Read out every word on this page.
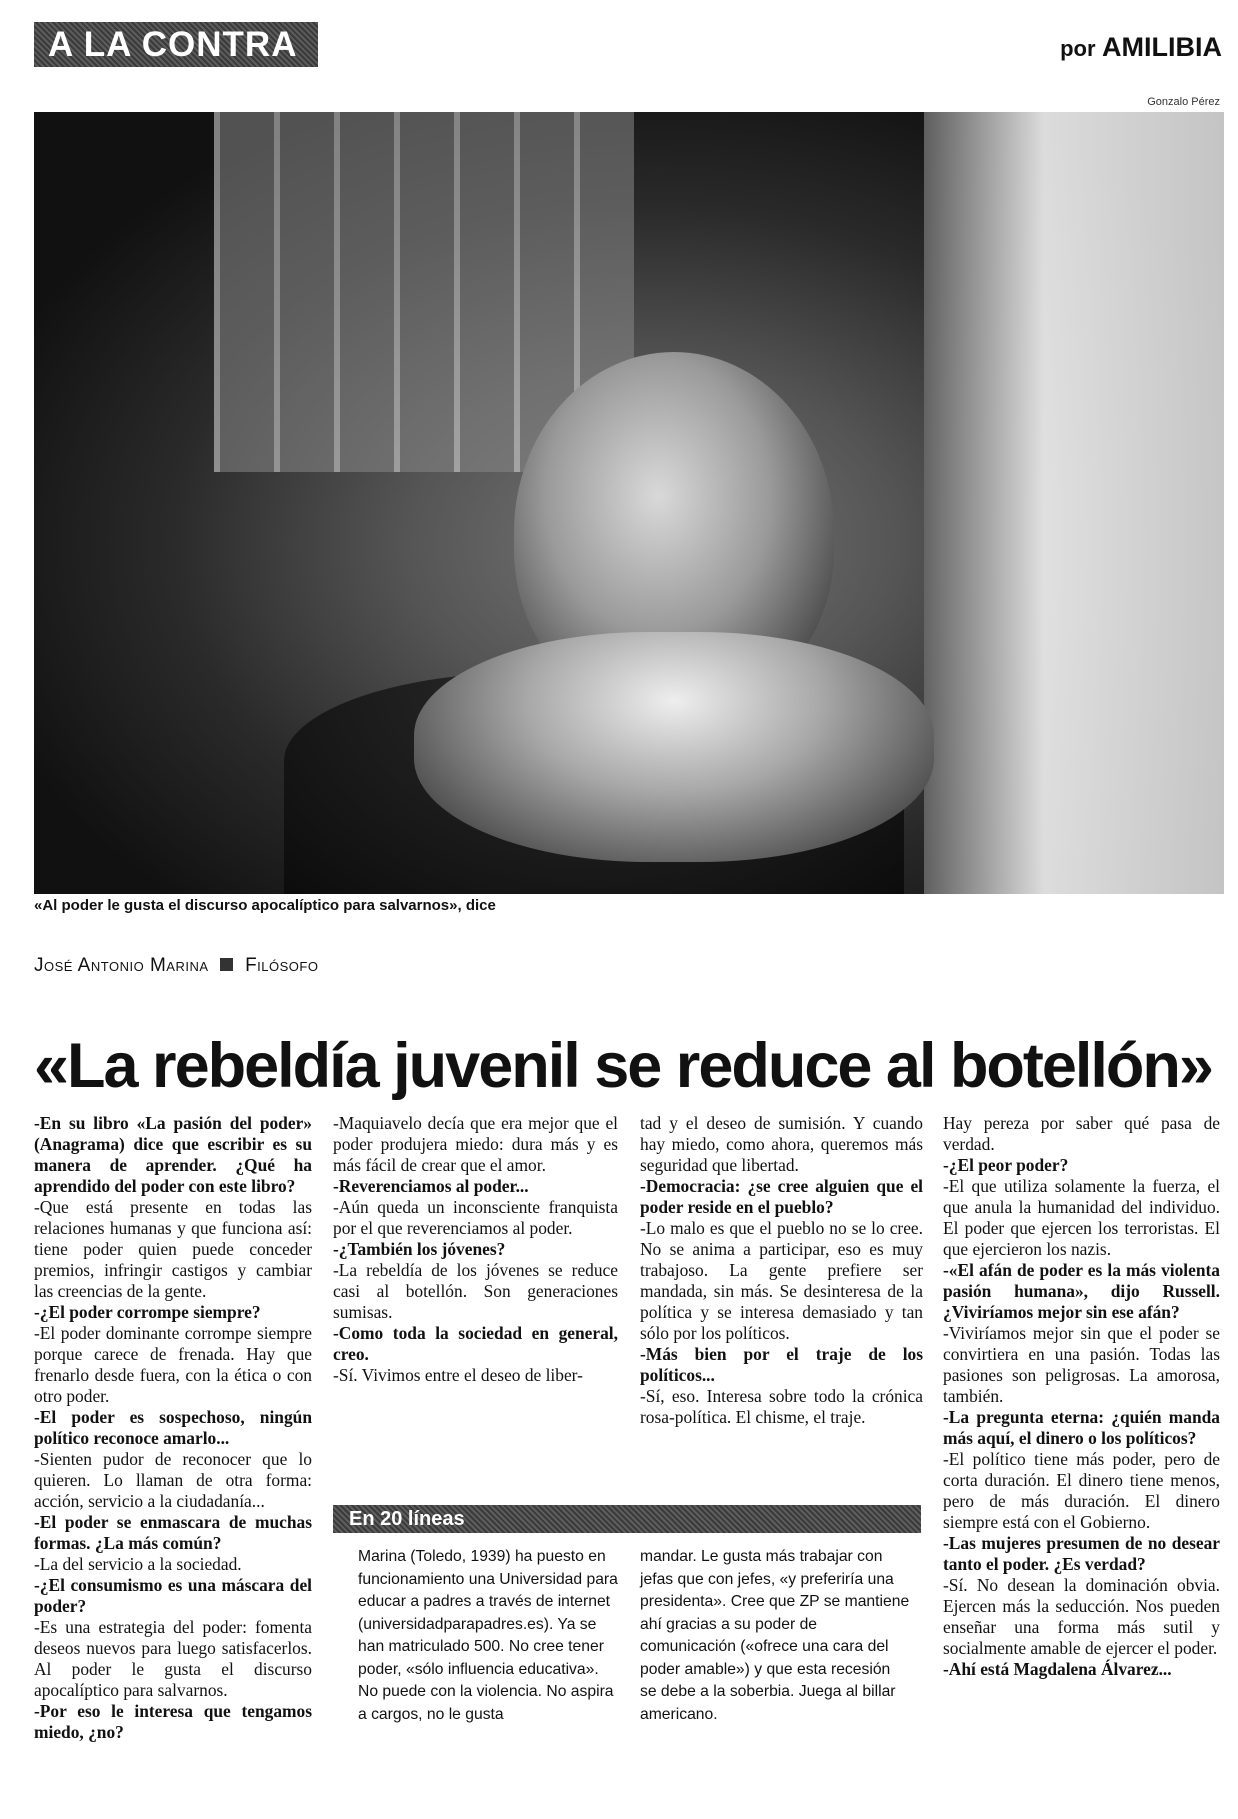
A LA CONTRA	por AMILIBIA
Gonzalo Pérez
«Al poder le gusta el discurso apocalíptico para salvarnos», dice
José Antonio Marina Filósofo
«La rebeldía juvenil se reduce al botellón»

-En su libro «La pasión del poder» (Anagrama) dice que escribir es su manera de aprender. ¿Qué ha aprendido del poder con este libro?

-Que está presente en todas las relaciones humanas y que funciona así: tiene poder quien puede conceder premios, infringir castigos y cambiar las creencias de la gente.

-¿El poder corrompe siempre?

-El poder dominante corrompe siempre porque carece de frenada. Hay que frenarlo desde fuera, con la ética o con otro poder.

-El poder es sospechoso, ningún político reconoce amarlo...

-Sienten pudor de reconocer que lo quieren. Lo llaman de otra forma: acción, servicio a la ciudadanía...

-El poder se enmascara de muchas formas. ¿La más común?

-La del servicio a la sociedad.

-¿El consumismo es una máscara del poder?

-Es una estrategia del poder: fomenta deseos nuevos para luego satisfacerlos. Al poder le gusta el discurso apocalíptico para salvarnos.

-Por eso le interesa que tengamos miedo, ¿no?

-Maquiavelo decía que era mejor que el poder produjera miedo: dura más y es más fácil de crear que el amor.

-Reverenciamos al poder...

-Aún queda un inconsciente franquista por el que reverenciamos al poder.

-¿También los jóvenes?

-La rebeldía de los jóvenes se reduce casi al botellón. Son generaciones sumisas.

-Como toda la sociedad en general, creo.

-Sí. Vivimos entre el deseo de liber-

tad y el deseo de sumisión. Y cuando hay miedo, como ahora, queremos más seguridad que libertad.

-Democracia: ¿se cree alguien que el poder reside en el pueblo?

-Lo malo es que el pueblo no se lo cree. No se anima a participar, eso es muy trabajoso. La gente prefiere ser mandada, sin más. Se desinteresa de la política y se interesa demasiado y tan sólo por los políticos.

-Más bien por el traje de los políticos...

-Sí, eso. Interesa sobre todo la crónica rosa-política. El chisme, el traje.

Hay pereza por saber qué pasa de verdad.

-¿El peor poder?

-El que utiliza solamente la fuerza, el que anula la humanidad del individuo. El poder que ejercen los terroristas. El que ejercieron los nazis.

-«El afán de poder es la más violenta pasión humana», dijo Russell. ¿Viviríamos mejor sin ese afán?

-Viviríamos mejor sin que el poder se convirtiera en una pasión. Todas las pasiones son peligrosas. La amorosa, también.

-La pregunta eterna: ¿quién manda más aquí, el dinero o los políticos?

-El político tiene más poder, pero de corta duración. El dinero tiene menos, pero de más duración. El dinero siempre está con el Gobierno.

-Las mujeres presumen de no desear tanto el poder. ¿Es verdad?

-Sí. No desean la dominación obvia. Ejercen más la seducción. Nos pueden enseñar una forma más sutil y socialmente amable de ejercer el poder.

-Ahí está Magdalena Álvarez...

En 20 líneas

Marina (Toledo, 1939) ha puesto en funcionamiento una Universidad para educar a padres a través de internet (universidadparapadres.es). Ya se han matriculado 500. No cree tener poder, «sólo influencia educativa». No puede con la violencia. No aspira a cargos, no le gusta

mandar. Le gusta más trabajar con jefas que con jefes, «y preferiría una presidenta». Cree que ZP se mantiene ahí gracias a su poder de comunicación («ofrece una cara del poder amable») y que esta recesión se debe a la soberbia. Juega al billar americano.
